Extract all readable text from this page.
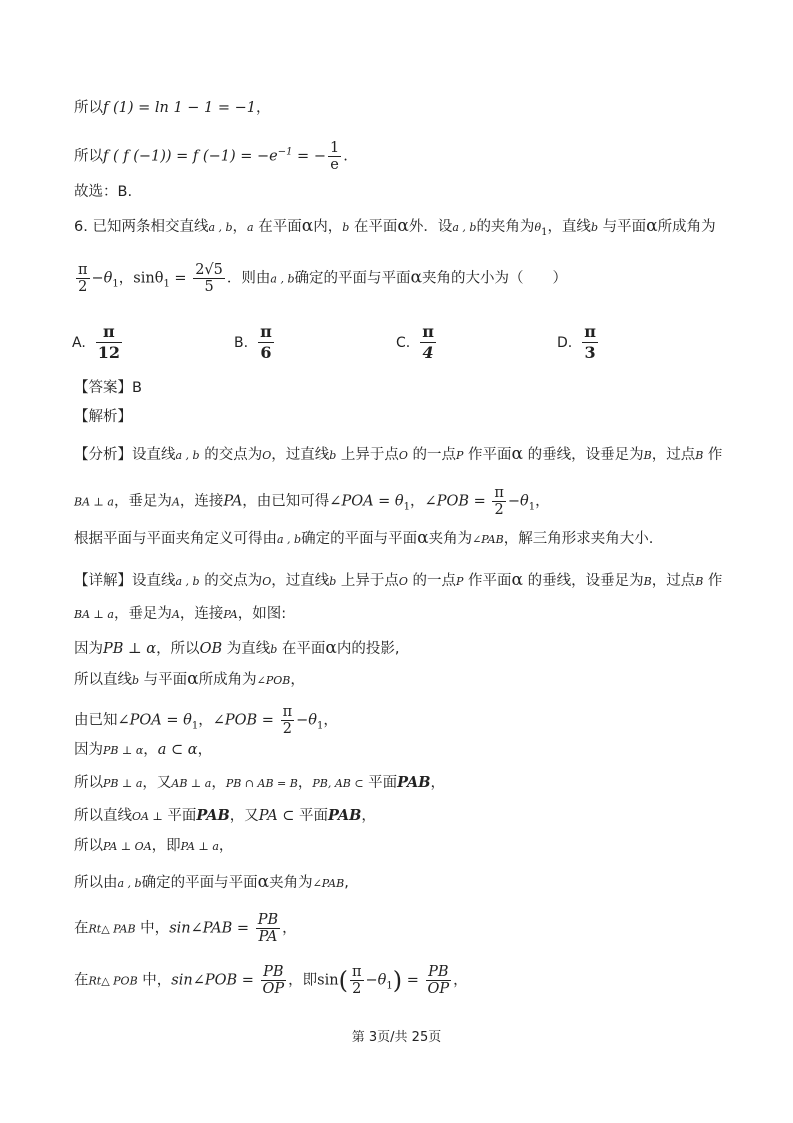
所以f (1) = ln 1 − 1 = −1，
所以f ( f (−1)) = f $(-1) = -e^{-1}$ = − $\frac{1}{e}$ .
故选：B.
6. 已知两条相交直线a , b，a 在平面α内，b 在平面α外．设a , b的夹角为$\theta_1$，直线b 与平面α所成角为
$\frac{\pi}{2} -\theta_1$，$\sin\theta_1 = \frac{2√5}{5}$ ．则由a , b确定的平面与平面α夹角的大小为（　　）
A. $\frac{\pi}{12}$	B. $\frac{\pi}{6}$	C. $\frac{\pi}{4}$	D. $\frac{\pi}{3}$
【答案】B
【解析】
【分析】设直线a , b 的交点为O，过直线b 上异于点O 的一点P 作平面α 的垂线，设垂足为B，过点B 作
BA ⊥ a，垂足为A，连接PA，由已知可得∠POA = $\theta_1$，∠POB = $\frac{\pi}{2} -\theta_1$，
根据平面与平面夹角定义可得由a , b确定的平面与平面α夹角为∠PAB，解三角形求夹角大小.
【详解】设直线a , b 的交点为O，过直线b 上异于点O 的一点P 作平面α 的垂线，设垂足为B，过点B 作
BA ⊥ a，垂足为A，连接PA，如图:
因为PB ⊥ α，所以OB 为直线b 在平面α内的投影,
所以直线b 与平面α所成角为∠POB，
由已知∠POA = $\theta_1$，∠POB = $\frac{\pi}{2} -\theta_1$，
因为PB ⊥ α，a ⊂ α，
所以PB ⊥ a，又AB ⊥ a，PB ∩ AB = B，PB, AB ⊂ 平面PAB，
所以直线OA ⊥ 平面PAB，又PA ⊂ 平面PAB，
所以PA ⊥ OA，即PA ⊥ a，
所以由a , b确定的平面与平面α夹角为∠PAB,
在Rt△ PAB 中，sin∠PAB = $\frac{PB}{PA}$ ，
在Rt△ POB 中，sin∠POB = $\frac{PB}{OP}$ ，即$\sin( \frac{\pi}{2} -\theta_1) = \frac{PB}{OP}$ ，
第 3页/共 25页
